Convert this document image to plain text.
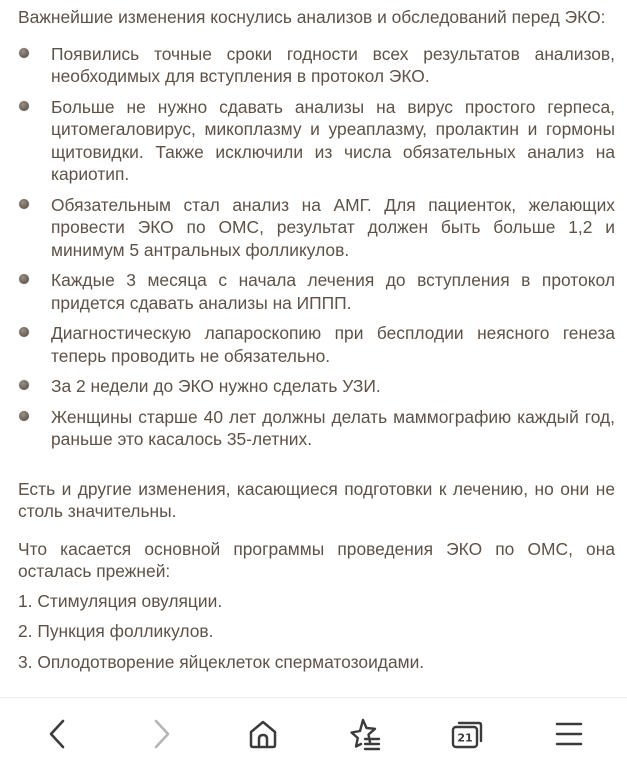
Важнейшие изменения коснулись анализов и обследований перед ЭКО:

Появились точные сроки годности всех результатов анализов, необходимых для вступления в протокол ЭКО.
Больше не нужно сдавать анализы на вирус простого герпеса, цитомегаловирус, микоплазму и уреаплазму, пролактин и гормоны щитовидки. Также исключили из числа обязательных анализ на кариотип.
Обязательным стал анализ на АМГ. Для пациенток, желающих провести ЭКО по ОМС, результат должен быть больше 1,2 и минимум 5 антральных фолликулов.
Каждые 3 месяца с начала лечения до вступления в протокол придется сдавать анализы на ИППП.
Диагностическую лапароскопию при бесплодии неясного генеза теперь проводить не обязательно.
За 2 недели до ЭКО нужно сделать УЗИ.
Женщины старше 40 лет должны делать маммографию каждый год, раньше это касалось 35-летних.

Есть и другие изменения, касающиеся подготовки к лечению, но они не столь значительны.

Что касается основной программы проведения ЭКО по ОМС, она осталась прежней:

1. Стимуляция овуляции.
2. Пункция фолликулов.
3. Оплодотворение яйцеклеток сперматозоидами.
21
